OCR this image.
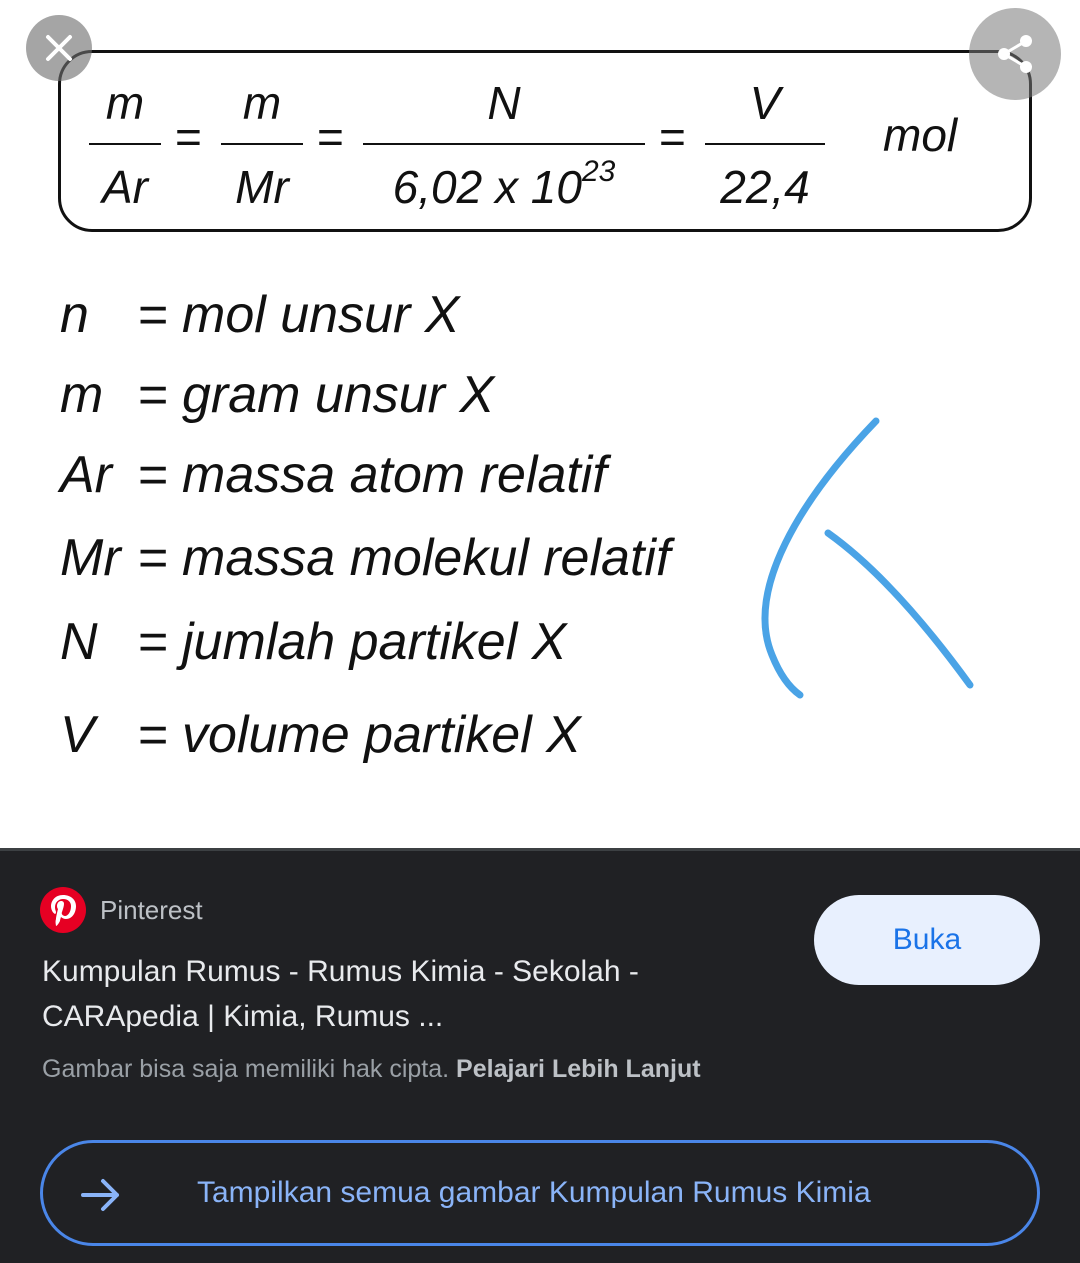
m
Ar
=
m
Mr
=
N
6,02 x $10^{23}$
=
V
22,4
mol
n = mol unsur X
m = gram unsur X
Ar = massa atom relatif
Mr = massa molekul relatif
N = jumlah partikel X
V = volume partikel X
Pinterest
Kumpulan Rumus - Rumus Kimia - Sekolah - CARApedia | Kimia, Rumus ...
Gambar bisa saja memiliki hak cipta. Pelajari Lebih Lanjut
Buka
Tampilkan semua gambar Kumpulan Rumus Kimia
